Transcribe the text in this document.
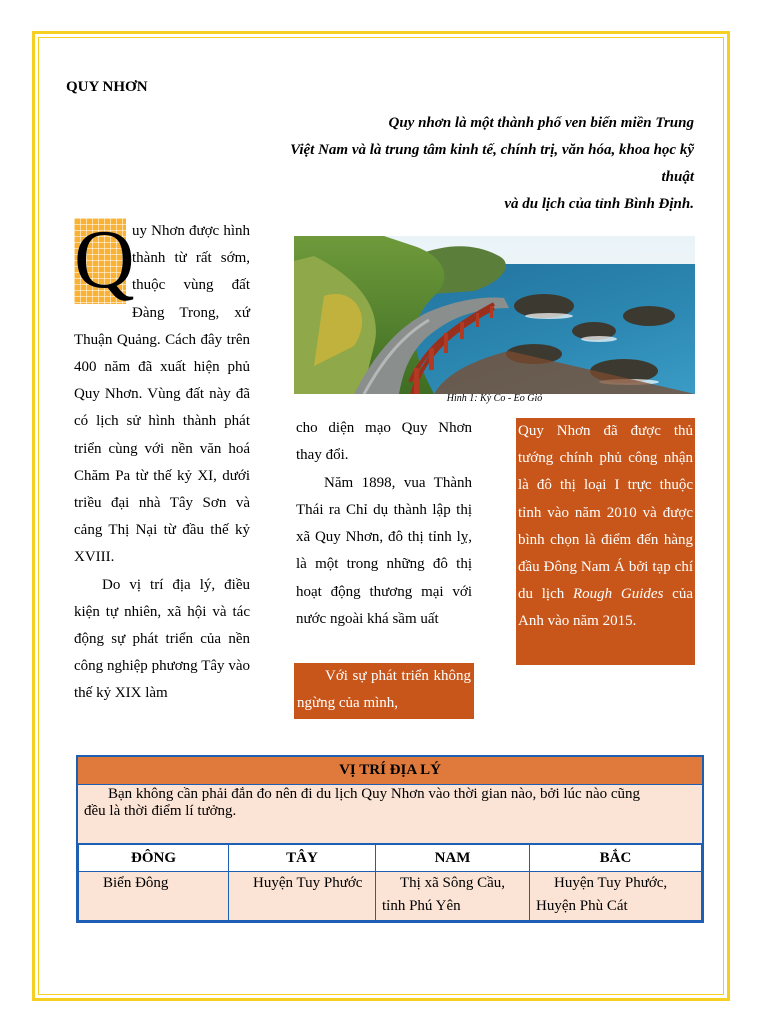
QUY NHƠN
Quy nhơn là một thành phố ven biển miền Trung
Việt Nam và là trung tâm kinh tế, chính trị, văn hóa, khoa học kỹ
thuật
và du lịch của tỉnh Bình Định.
Q

uy Nhơn được hình thành từ rất sớm, thuộc vùng đất Đàng Trong, xứ Thuận Quảng. Cách đây trên 400 năm đã xuất hiện phủ Quy Nhơn. Vùng đất này đã có lịch sử hình thành phát triển cùng với nền văn hoá Chăm Pa từ thế kỷ XI, dưới triều đại nhà Tây Sơn và cảng Thị Nại từ đầu thế kỷ XVIII.

Do vị trí địa lý, điều kiện tự nhiên, xã hội và tác động sự phát triển của nền công nghiệp phương Tây vào thế kỷ XIX làm

Hình 1: Kỳ Co - Eo Gió

cho diện mạo Quy Nhơn thay đổi.

Năm 1898, vua Thành Thái ra Chỉ dụ thành lập thị xã Quy Nhơn, đô thị tỉnh lỵ, là một trong những đô thị hoạt động thương mại với nước ngoài khá sầm uất

Với sự phát triển không ngừng của mình,
Quy Nhơn đã được thủ tướng chính phủ công nhận là đô thị loại I trực thuộc tỉnh vào năm 2010 và được bình chọn là điểm đến hàng đầu Đông Nam Á bởi tạp chí du lịch Rough Guides của Anh vào năm 2015.
VỊ TRÍ ĐỊA LÝ
Bạn không cần phải đắn đo nên đi du lịch Quy Nhơn vào thời gian nào, bởi lúc nào cũng
đều là thời điểm lí tưởng.
ĐÔNG	TÂY	NAM	BẮC

Biển Đông	Huyện Tuy Phước	Thị xã Sông Cầu, tỉnh Phú Yên	Huyện Tuy Phước, Huyện Phù Cát
